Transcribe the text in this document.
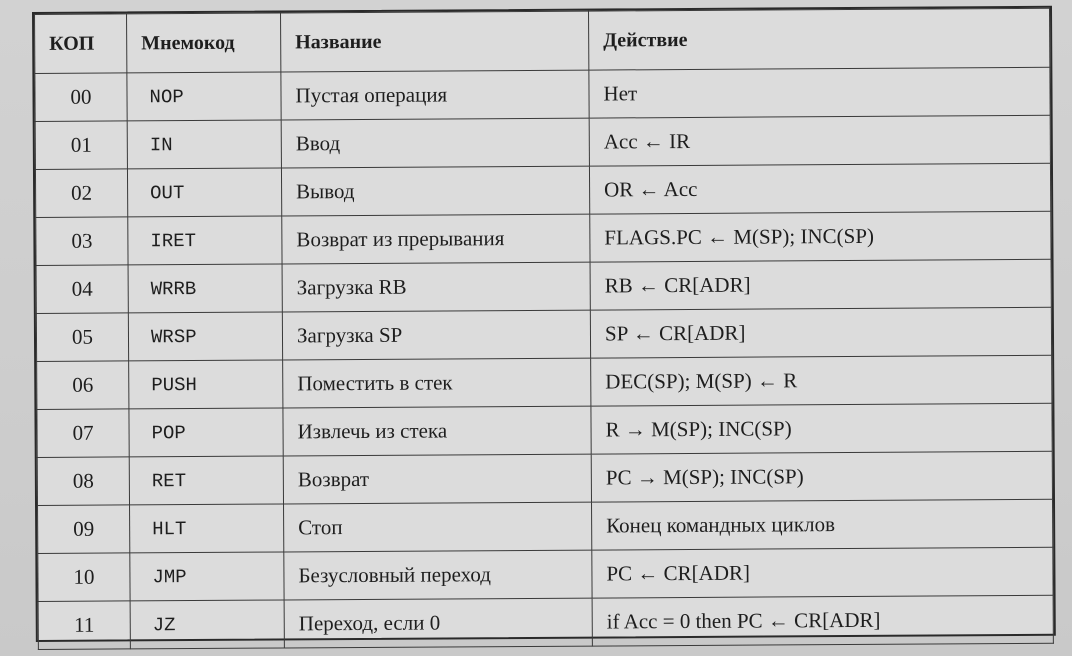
КОП	Мнемокод	Название	Действие
00	NOP	Пустая операция	Нет
01	IN	Ввод	Acc ← IR
02	OUT	Вывод	OR ← Acc
03	IRET	Возврат из прерывания	FLAGS.PC ← M(SP); INC(SP)
04	WRRB	Загрузка RB	RB ← CR[ADR]
05	WRSP	Загрузка SP	SP ← CR[ADR]
06	PUSH	Поместить в стек	DEC(SP); M(SP) ← R
07	POP	Извлечь из стека	R → M(SP); INC(SP)
08	RET	Возврат	PC → M(SP); INC(SP)
09	HLT	Стоп	Конец командных циклов
10	JMP	Безусловный переход	PC ← CR[ADR]
11	JZ	Переход, если 0	if Acc = 0 then PC ← CR[ADR]
